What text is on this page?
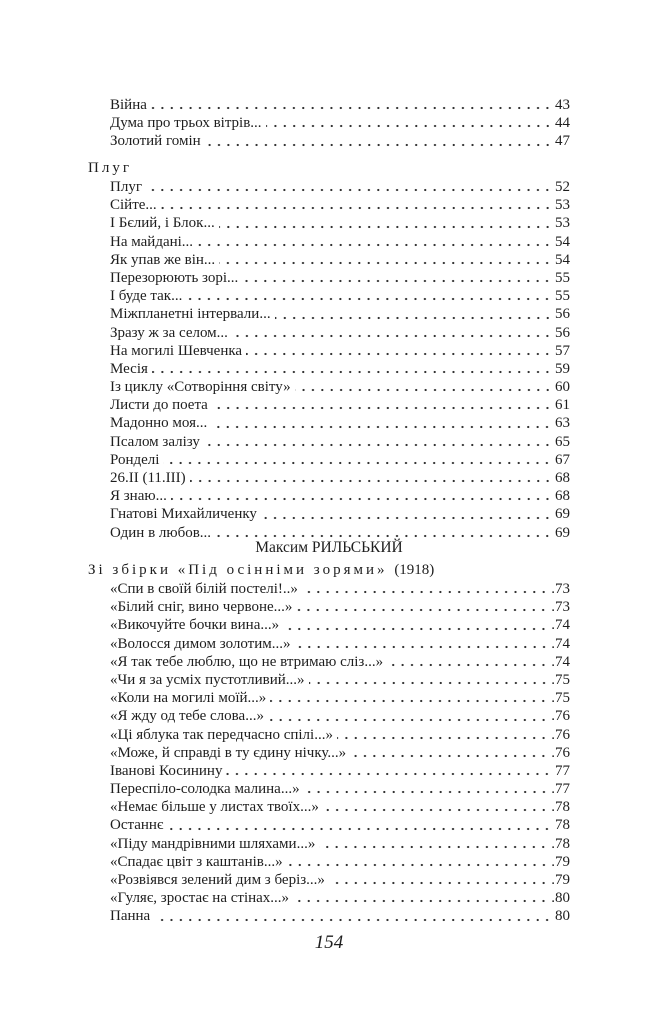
Війна	43
Дума про трьох вітрів...	44
Золотий гомін	47
Плуг
Плуг	52
Сійте...	53
І Бєлий, і Блок...	53
На майдані...	54
Як упав же він...	54
Перезорюють зорі...	55
І буде так...	55
Міжпланетні інтервали...	56
Зразу ж за селом...	56
На могилі Шевченка	57
Месія	59
Із циклу «Сотворіння світу»	60
Листи до поета	61
Мадонно моя...	63
Псалом залізу	65
Ронделі	67
26.II (11.III)	68
Я знаю...	68
Гнатові Михайличенку	69
Один в любов...	69
Максим РИЛЬСЬКИЙ
Зі збірки «Під осінніми зорями» (1918)
«Спи в своїй білій постелі!..»	.73
«Білий сніг, вино червоне...»	.73
«Викочуйте бочки вина...»	.74
«Волосся димом золотим...»	.74
«Я так тебе люблю, що не втримаю сліз...»	.74
«Чи я за усміх пустотливий...»	.75
«Коли на могилі моїй...»	.75
«Я жду од тебе слова...»	.76
«Ці яблука так передчасно спілі...»	.76
«Може, й справді в ту єдину нічку...»	.76
Іванові Косинину	77
Переспіло-солодка малина...»	.77
«Немає більше у листах твоїх...»	.78
Останнє	78
«Піду мандрівними шляхами...»	.78
«Спадає цвіт з каштанів...»	.79
«Розвіявся зелений дим з беріз...»	.79
«Гуляє, зростає на стінах...»	.80
Панна	80
154
